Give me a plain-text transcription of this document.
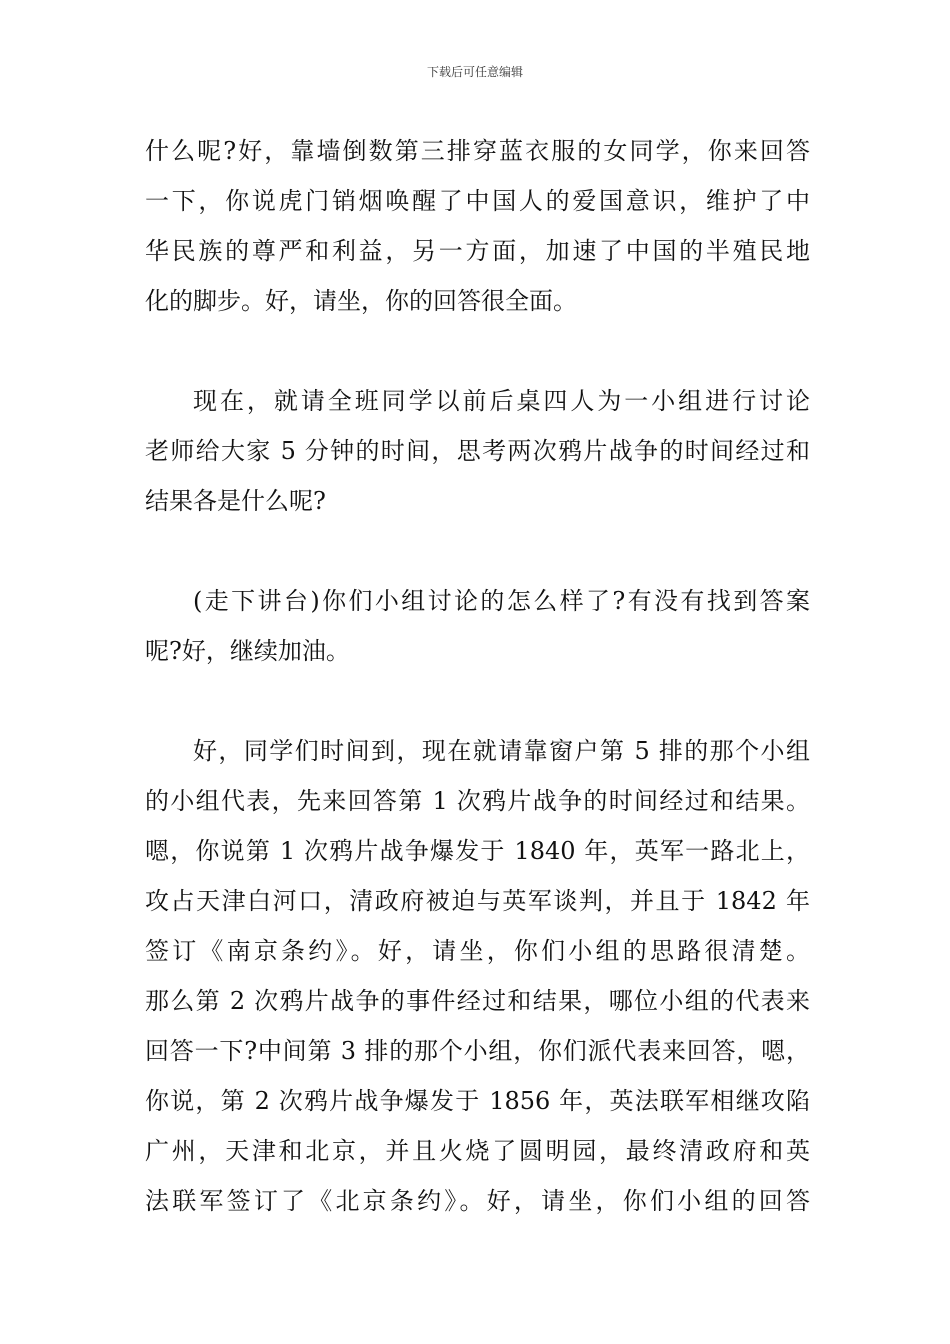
下载后可任意编辑
什么呢?好，靠墙倒数第三排穿蓝衣服的女同学，你来回答
一下，你说虎门销烟唤醒了中国人的爱国意识，维护了中
华民族的尊严和利益，另一方面，加速了中国的半殖民地
化的脚步。好，请坐，你的回答很全面。
现在，就请全班同学以前后桌四人为一小组进行讨论
老师给大家 5 分钟的时间，思考两次鸦片战争的时间经过和
结果各是什么呢?
(走下讲台)你们小组讨论的怎么样了?有没有找到答案
呢?好，继续加油。
好，同学们时间到，现在就请靠窗户第 5 排的那个小组
的小组代表，先来回答第 1 次鸦片战争的时间经过和结果。
嗯，你说第 1 次鸦片战争爆发于 1840 年，英军一路北上，
攻占天津白河口，清政府被迫与英军谈判，并且于 1842 年
签订《南京条约》。好，请坐，你们小组的思路很清楚。
那么第 2 次鸦片战争的事件经过和结果，哪位小组的代表来
回答一下?中间第 3 排的那个小组，你们派代表来回答，嗯，
你说，第 2 次鸦片战争爆发于 1856 年，英法联军相继攻陷
广州，天津和北京，并且火烧了圆明园，最终清政府和英
法联军签订了《北京条约》。好，请坐，你们小组的回答
